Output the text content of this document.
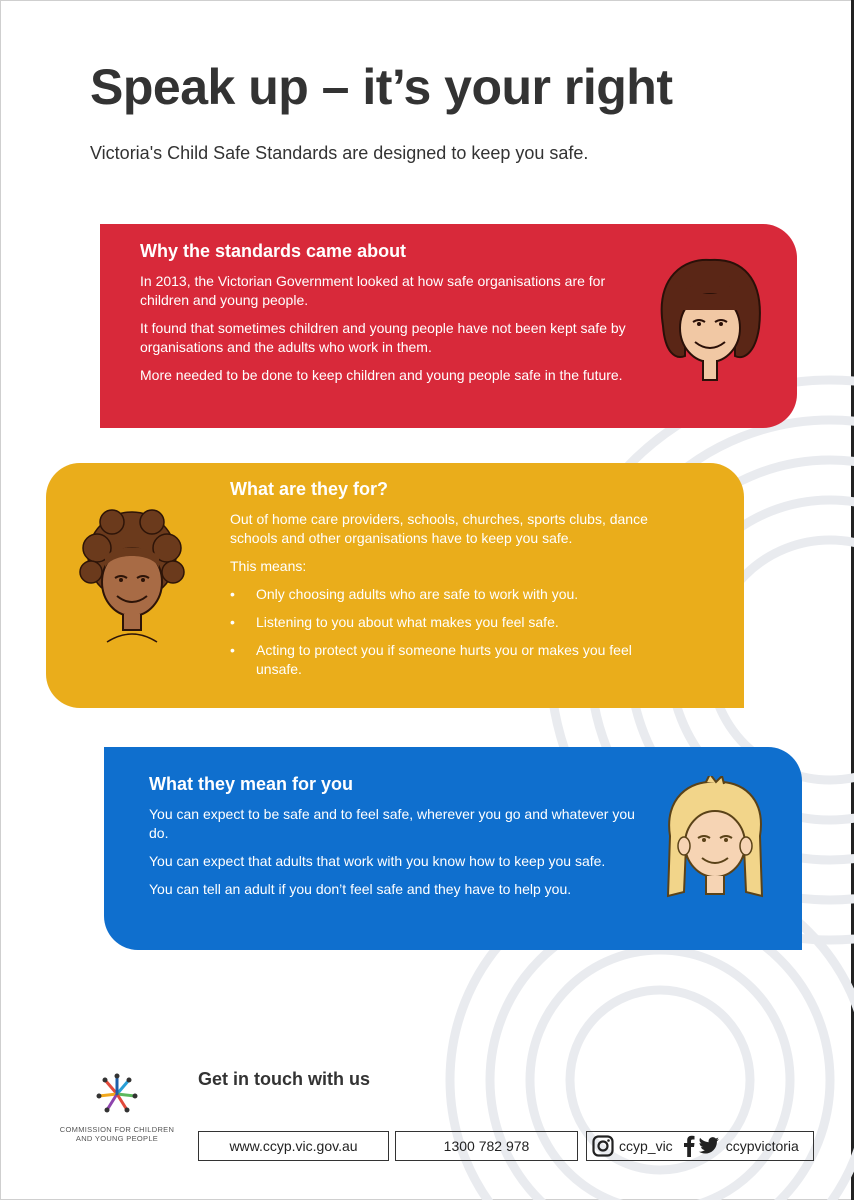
Speak up – it’s your right

Victoria's Child Safe Standards are designed to keep you safe.

Why the standards came about

In 2013, the Victorian Government looked at how safe organisations are for children and young people.

It found that sometimes children and young people have not been kept safe by organisations and the adults who work in them.

More needed to be done to keep children and young people safe in the future.

What are they for?

Out of home care providers, schools, churches, sports clubs, dance schools and other organisations have to keep you safe.

This means:

• Only choosing adults who are safe to work with you.
• Listening to you about what makes you feel safe.
• Acting to protect you if someone hurts you or makes you feel unsafe.
What they mean for you

You can expect to be safe and to feel safe, wherever you go and whatever you do.

You can expect that adults that work with you know how to keep you safe.

You can tell an adult if you don’t feel safe and they have to help you.

COMMISSION FOR CHILDREN AND YOUNG PEOPLE
Get in touch with us
www.ccyp.vic.gov.au	1300 782 978	ccyp_vic	ccypvictoria
